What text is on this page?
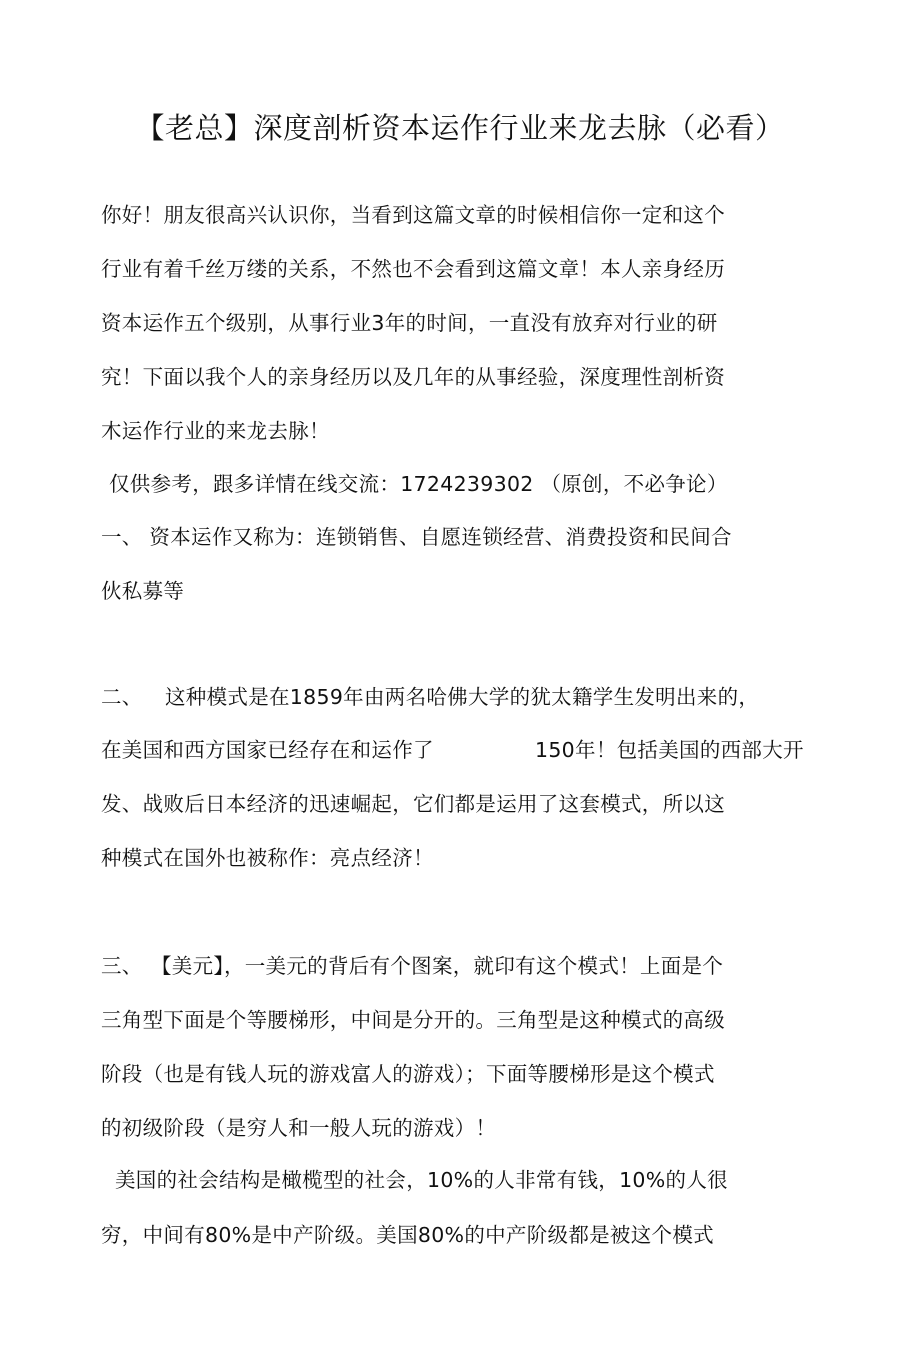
【老总】深度剖析资本运作行业来龙去脉（必看）
你好！朋友很高兴认识你，当看到这篇文章的时候相信你一定和这个
行业有着千丝万缕的关系，不然也不会看到这篇文章！本人亲身经历
资本运作五个级别，从事行业3年的时间，一直没有放弃对行业的研
究！下面以我个人的亲身经历以及几年的从事经验，深度理性剖析资
木运作行业的来龙去脉！
仅供参考，跟多详情在线交流：1724239302 （原创，不必争论）
一、 资本运作又称为：连锁销售、自愿连锁经营、消费投资和民间合
伙私募等
二、 这种模式是在1859年由两名哈佛大学的犹太籍学生发明出来的，
在美国和西方国家已经存在和运作了	150年！包括美国的西部大开
发、战败后日本经济的迅速崛起，它们都是运用了这套模式，所以这
种模式在国外也被称作：亮点经济！
三、 【美元】，一美元的背后有个图案，就印有这个模式！上面是个
三角型下面是个等腰梯形，中间是分开的。三角型是这种模式的高级
阶段（也是有钱人玩的游戏富人的游戏）；下面等腰梯形是这个模式
的初级阶段（是穷人和一般人玩的游戏）！
美国的社会结构是橄榄型的社会，10%的人非常有钱，10%的人很
穷，中间有80%是中产阶级。美国80%的中产阶级都是被这个模式
